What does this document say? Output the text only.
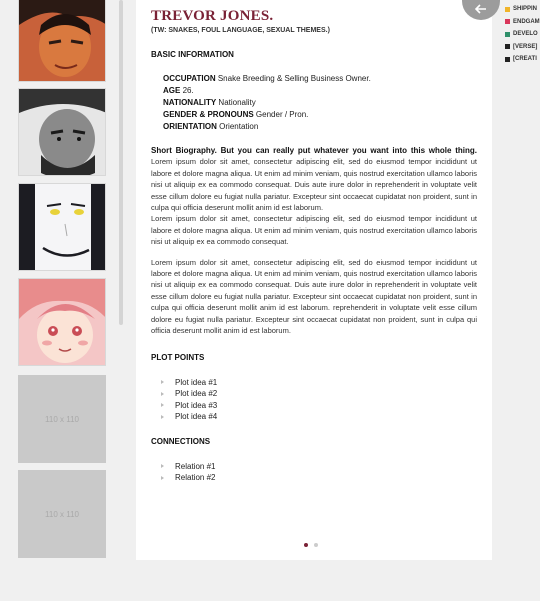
110 x 110
110 x 110
TREVOR JONES.
(TW: SNAKES, FOUL LANGUAGE, SEXUAL THEMES.)
BASIC INFORMATION
OCCUPATION Snake Breeding & Selling Business Owner.
AGE 26.
NATIONALITY Nationality
GENDER & PRONOUNS Gender / Pron.
ORIENTATION Orientation
Short Biography. But you can really put whatever you want into this whole thing. Lorem ipsum dolor sit amet, consectetur adipiscing elit, sed do eiusmod tempor incididunt ut labore et dolore magna aliqua. Ut enim ad minim veniam, quis nostrud exercitation ullamco laboris nisi ut aliquip ex ea commodo consequat. Duis aute irure dolor in reprehenderit in voluptate velit esse cillum dolore eu fugiat nulla pariatur. Excepteur sint occaecat cupidatat non proident, sunt in culpa qui officia deserunt mollit anim id est laborum.
Lorem ipsum dolor sit amet, consectetur adipiscing elit, sed do eiusmod tempor incididunt ut labore et dolore magna aliqua. Ut enim ad minim veniam, quis nostrud exercitation ullamco laboris nisi ut aliquip ex ea commodo consequat.
Lorem ipsum dolor sit amet, consectetur adipiscing elit, sed do eiusmod tempor incididunt ut labore et dolore magna aliqua. Ut enim ad minim veniam, quis nostrud exercitation ullamco laboris nisi ut aliquip ex ea commodo consequat. Duis aute irure dolor in reprehenderit in voluptate velit esse cillum dolore eu fugiat nulla pariatur. Excepteur sint occaecat cupidatat non proident, sunt in culpa qui officia deserunt mollit anim id est laborum. reprehenderit in voluptate velit esse cillum dolore eu fugiat nulla pariatur. Excepteur sint occaecat cupidatat non proident, sunt in culpa qui officia deserunt mollit anim id est laborum.
PLOT POINTS
Plot idea #1
Plot idea #2
Plot idea #3
Plot idea #4
CONNECTIONS
Relation #1
Relation #2
SHIPPIN
ENDGAM
DEVELO
[VERSE]
[CREATI
